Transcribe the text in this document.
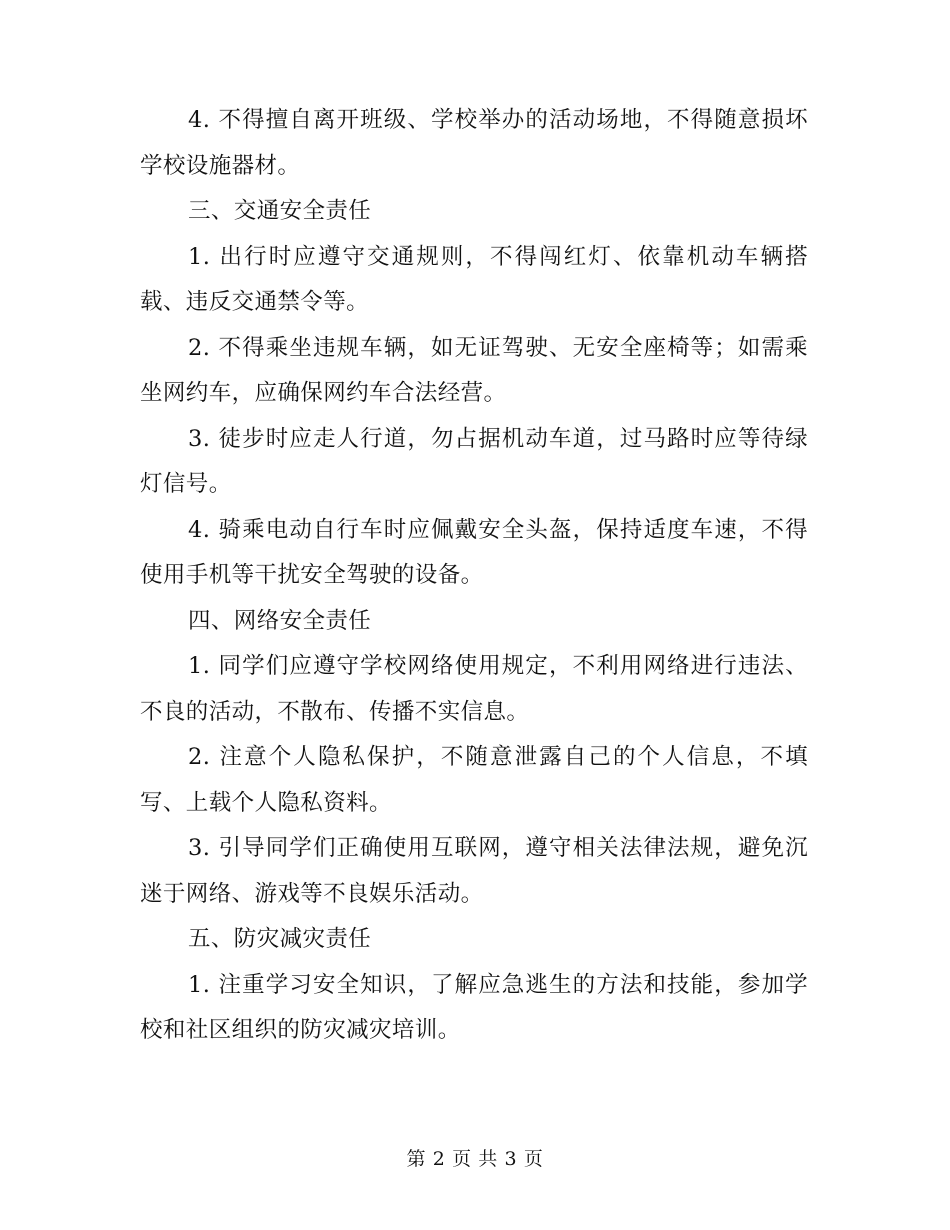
4. 不得擅自离开班级、学校举办的活动场地，不得随意损坏学校设施器材。

三、交通安全责任

1. 出行时应遵守交通规则，不得闯红灯、依靠机动车辆搭载、违反交通禁令等。

2. 不得乘坐违规车辆，如无证驾驶、无安全座椅等；如需乘坐网约车，应确保网约车合法经营。

3. 徒步时应走人行道，勿占据机动车道，过马路时应等待绿灯信号。

4. 骑乘电动自行车时应佩戴安全头盔，保持适度车速，不得使用手机等干扰安全驾驶的设备。

四、网络安全责任

1. 同学们应遵守学校网络使用规定，不利用网络进行违法、不良的活动，不散布、传播不实信息。

2. 注意个人隐私保护，不随意泄露自己的个人信息，不填写、上载个人隐私资料。

3. 引导同学们正确使用互联网，遵守相关法律法规，避免沉迷于网络、游戏等不良娱乐活动。

五、防灾减灾责任

1. 注重学习安全知识，了解应急逃生的方法和技能，参加学校和社区组织的防灾减灾培训。

第 2 页 共 3 页
